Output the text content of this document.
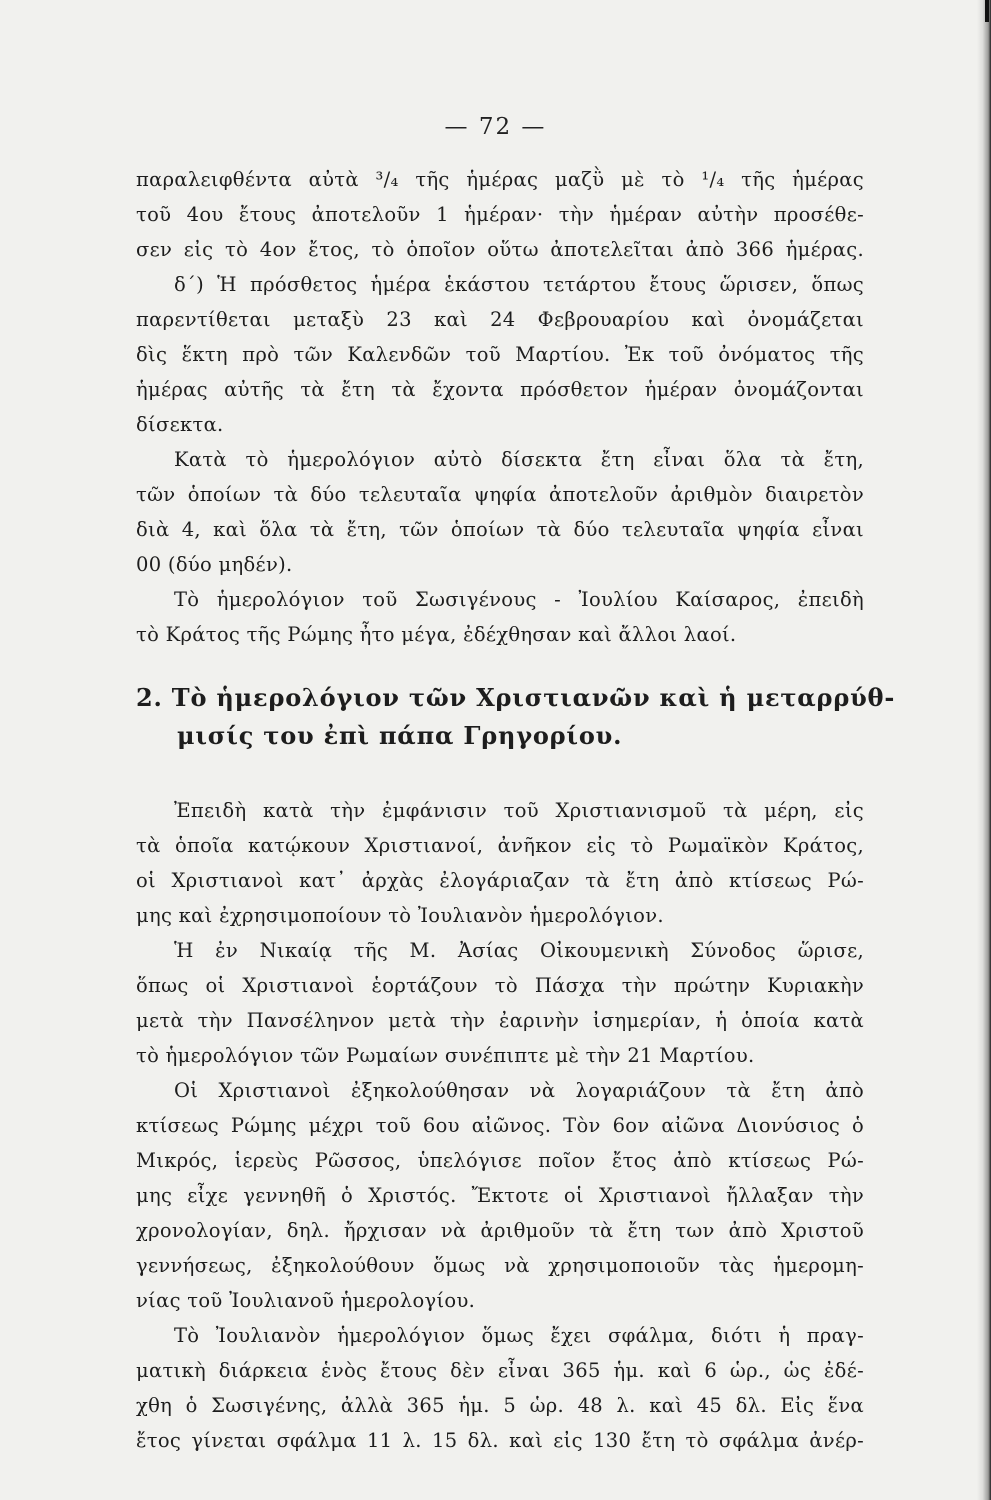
— 72 —
παραλειφθέντα αὐτὰ ³/₄ τῆς ἡμέρας μαζῢ μὲ τὸ ¹/₄ τῆς ἡμέρας
τοῦ 4ου ἔτους ἀποτελοῦν 1 ἡμέραν· τὴν ἡμέραν αὐτὴν προσέθε-
σεν εἰς τὸ 4ον ἔτος, τὸ ὁποῖον οὕτω ἀποτελεῖται ἀπὸ 366 ἡμέρας.
δ΄) Ἡ πρόσθετος ἡμέρα ἑκάστου τετάρτου ἔτους ὥρισεν, ὅπως
παρεντίθεται μεταξὺ 23 καὶ 24 Φεβρουαρίου καὶ ὀνομάζεται
δὶς ἕκτη πρὸ τῶν Καλενδῶν τοῦ Μαρτίου. Ἐκ τοῦ ὀνόματος τῆς
ἡμέρας αὐτῆς τὰ ἔτη τὰ ἔχοντα πρόσθετον ἡμέραν ὀνομάζονται
δίσεκτα.
Κατὰ τὸ ἡμερολόγιον αὐτὸ δίσεκτα ἔτη εἶναι ὅλα τὰ ἔτη,
τῶν ὁποίων τὰ δύο τελευταῖα ψηφία ἀποτελοῦν ἀριθμὸν διαιρετὸν
διὰ 4, καὶ ὅλα τὰ ἔτη, τῶν ὁποίων τὰ δύο τελευταῖα ψηφία εἶναι
00 (δύο μηδέν).
Τὸ ἡμερολόγιον τοῦ Σωσιγένους - Ἰουλίου Καίσαρος, ἐπειδὴ
τὸ Κράτος τῆς Ρώμης ἦτο μέγα, ἐδέχθησαν καὶ ἄλλοι λαοί.
2. Τὸ ἡμερολόγιον τῶν Χριστιανῶν καὶ ἡ μεταρρύθ-
μισίς του ἐπὶ πάπα Γρηγορίου.
Ἐπειδὴ κατὰ τὴν ἐμφάνισιν τοῦ Χριστιανισμοῦ τὰ μέρη, εἰς
τὰ ὁποῖα κατῴκουν Χριστιανοί, ἀνῆκον εἰς τὸ Ρωμαϊκὸν Κράτος,
οἱ Χριστιανοὶ κατ᾽ ἀρχὰς ἐλογάριαζαν τὰ ἔτη ἀπὸ κτίσεως Ρώ-
μης καὶ ἐχρησιμοποίουν τὸ Ἰουλιανὸν ἡμερολόγιον.
Ἡ ἐν Νικαίᾳ τῆς Μ. Ἀσίας Οἰκουμενικὴ Σύνοδος ὥρισε,
ὅπως οἱ Χριστιανοὶ ἑορτάζουν τὸ Πάσχα τὴν πρώτην Κυριακὴν
μετὰ τὴν Πανσέληνον μετὰ τὴν ἐαρινὴν ἰσημερίαν, ἡ ὁποία κατὰ
τὸ ἡμερολόγιον τῶν Ρωμαίων συνέπιπτε μὲ τὴν 21 Μαρτίου.
Οἱ Χριστιανοὶ ἐξηκολούθησαν νὰ λογαριάζουν τὰ ἔτη ἀπὸ
κτίσεως Ρώμης μέχρι τοῦ 6ου αἰῶνος. Τὸν 6ον αἰῶνα Διονύσιος ὁ
Μικρός, ἱερεὺς Ρῶσσος, ὑπελόγισε ποῖον ἔτος ἀπὸ κτίσεως Ρώ-
μης εἶχε γεννηθῆ ὁ Χριστός. Ἔκτοτε οἱ Χριστιανοὶ ἤλλαξαν τὴν
χρονολογίαν, δηλ. ἤρχισαν νὰ ἀριθμοῦν τὰ ἔτη των ἀπὸ Χριστοῦ
γεννήσεως, ἐξηκολούθουν ὅμως νὰ χρησιμοποιοῦν τὰς ἡμερομη-
νίας τοῦ Ἰουλιανοῦ ἡμερολογίου.
Τὸ Ἰουλιανὸν ἡμερολόγιον ὅμως ἔχει σφάλμα, διότι ἡ πραγ-
ματικὴ διάρκεια ἑνὸς ἔτους δὲν εἶναι 365 ἡμ. καὶ 6 ὡρ., ὡς ἐδέ-
χθη ὁ Σωσιγένης, ἀλλὰ 365 ἡμ. 5 ὡρ. 48 λ. καὶ 45 δλ. Εἰς ἕνα
ἔτος γίνεται σφάλμα 11 λ. 15 δλ. καὶ εἰς 130 ἔτη τὸ σφάλμα ἀνέρ-
